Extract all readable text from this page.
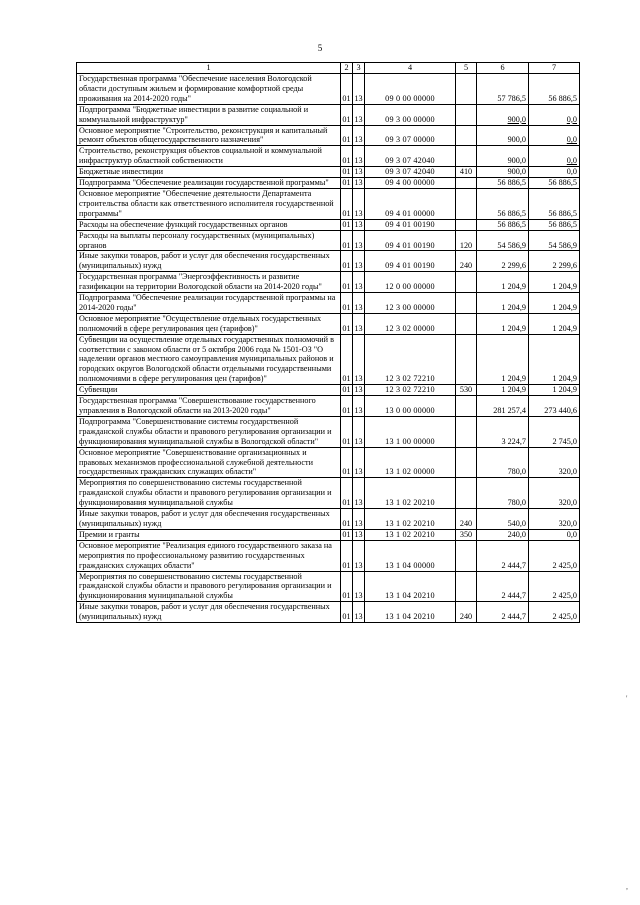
5
1	2	3	4	5	6	7
Государственная программа "Обеспечение населения Вологодской области доступным жильем и формирование комфортной среды проживания на 2014-2020 годы"	01	13	09 0 00 00000		57 786,5	56 886,5
Подпрограмма "Бюджетные инвестиции в развитие социальной и коммунальной инфраструктур"	01	13	09 3 00 00000		900,0	0,0
Основное мероприятие "Строительство, реконструкция и капитальный ремонт объектов общегосударственного назначения"	01	13	09 3 07 00000		900,0	0,0
Строительство, реконструкция объектов социальной и коммунальной инфраструктур областной собственности	01	13	09 3 07 42040		900,0	0,0
Бюджетные инвестиции	01	13	09 3 07 42040	410	900,0	0,0
Подпрограмма "Обеспечение реализации государственной программы"	01	13	09 4 00 00000		56 886,5	56 886,5
Основное мероприятие "Обеспечение деятельности Департамента строительства области как ответственного исполнителя государственной программы"	01	13	09 4 01 00000		56 886,5	56 886,5
Расходы на обеспечение функций государственных органов	01	13	09 4 01 00190		56 886,5	56 886,5
Расходы на выплаты персоналу государственных (муниципальных) органов	01	13	09 4 01 00190	120	54 586,9	54 586,9
Иные закупки товаров, работ и услуг для обеспечения государственных (муниципальных) нужд	01	13	09 4 01 00190	240	2 299,6	2 299,6
Государственная программа "Энергоэффективность и развитие газификации на территории Вологодской области на 2014-2020 годы"	01	13	12 0 00 00000		1 204,9	1 204,9
Подпрограмма "Обеспечение реализации государственной программы на 2014-2020 годы"	01	13	12 3 00 00000		1 204,9	1 204,9
Основное мероприятие "Осуществление отдельных государственных полномочий в сфере регулирования цен (тарифов)"	01	13	12 3 02 00000		1 204,9	1 204,9
Субвенции на осуществление отдельных государственных полномочий в соответствии с законом области от 5 октября 2006 года № 1501-ОЗ "О наделении органов местного самоуправления муниципальных районов и городских округов Вологодской области отдельными государственными полномочиями в сфере регулирования цен (тарифов)"	01	13	12 3 02 72210		1 204,9	1 204,9
Субвенции	01	13	12 3 02 72210	530	1 204,9	1 204,9
Государственная программа "Совершенствование государственного управления в Вологодской области на 2013-2020 годы"	01	13	13 0 00 00000		281 257,4	273 440,6
Подпрограмма "Совершенствование системы государственной гражданской службы области и правового регулирования организации и функционирования муниципальной службы в Вологодской области"	01	13	13 1 00 00000		3 224,7	2 745,0
Основное мероприятие "Совершенствование организационных и правовых механизмов профессиональной служебной деятельности государственных гражданских служащих области"	01	13	13 1 02 00000		780,0	320,0
Мероприятия по совершенствованию системы государственной гражданской службы области и правового регулирования организации и функционирования муниципальной службы	01	13	13 1 02 20210		780,0	320,0
Иные закупки товаров, работ и услуг для обеспечения государственных (муниципальных) нужд	01	13	13 1 02 20210	240	540,0	320,0
Премии и гранты	01	13	13 1 02 20210	350	240,0	0,0
Основное мероприятие "Реализация единого государственного заказа на мероприятия по профессиональному развитию государственных гражданских служащих области"	01	13	13 1 04 00000		2 444,7	2 425,0
Мероприятия по совершенствованию системы государственной гражданской службы области и правового регулирования организации и функционирования муниципальной службы	01	13	13 1 04 20210		2 444,7	2 425,0
Иные закупки товаров, работ и услуг для обеспечения государственных (муниципальных) нужд	01	13	13 1 04 20210	240	2 444,7	2 425,0
'
,
